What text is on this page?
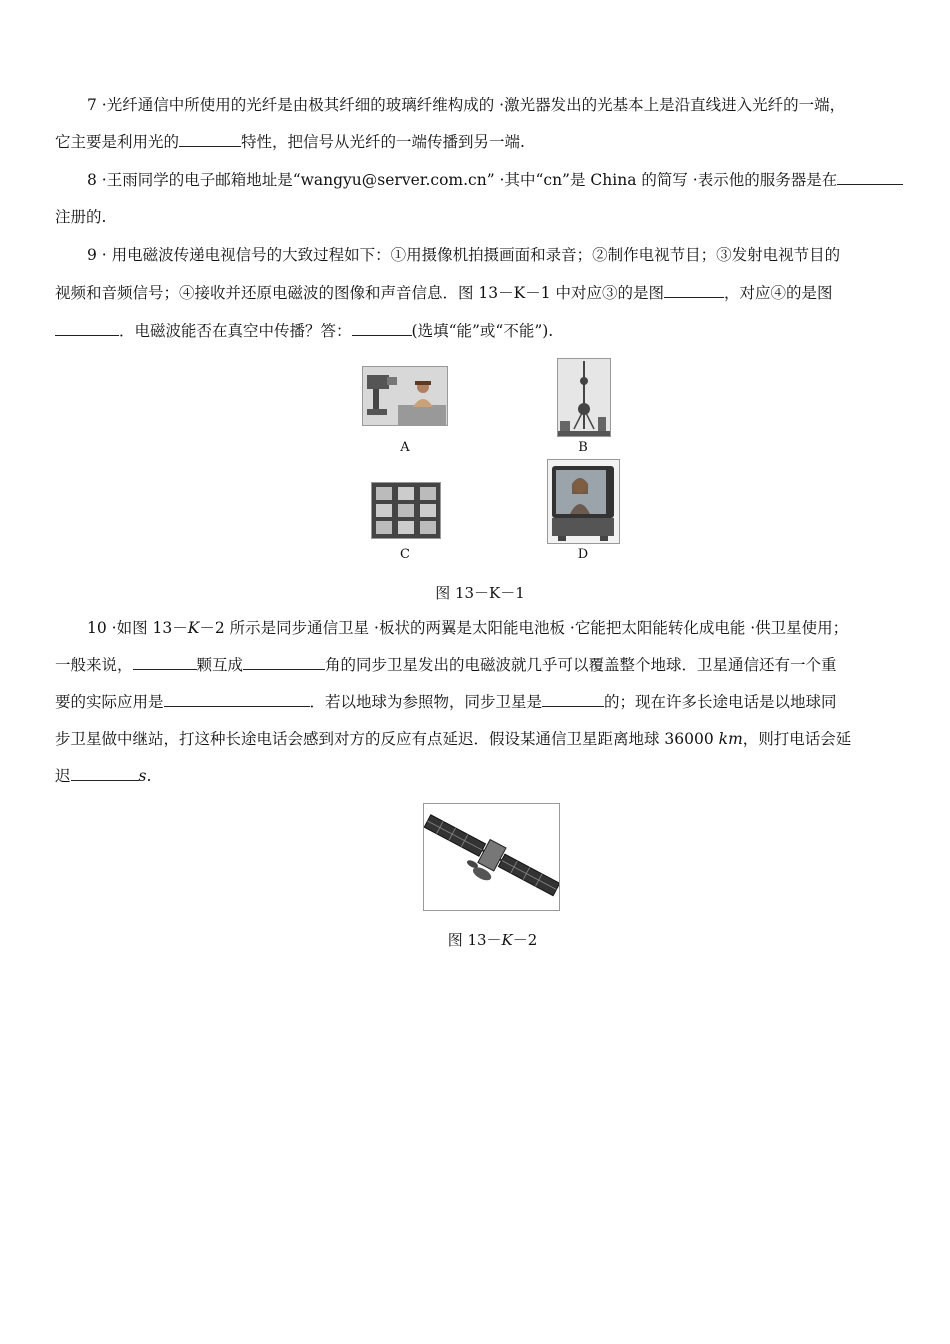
7 ·光纤通信中所使用的光纤是由极其纤细的玻璃纤维构成的 ·激光器发出的光基本上是沿直线进入光纤的一端，
它主要是利用光的	特性，把信号从光纤的一端传播到另一端.
8 ·王雨同学的电子邮箱地址是“wangyu@server.com.cn” ·其中“cn”是 China 的简写 ·表示他的服务器是在
注册的.
9 · 用电磁波传递电视信号的大致过程如下：①用摄像机拍摄画面和录音；②制作电视节目；③发射电视节目的
视频和音频信号；④接收并还原电磁波的图像和声音信息．图 13－K－1 中对应③的是图	，对应④的是图
．电磁波能否在真空中传播？答：	(选填“能”或“不能”).
A	B
C	D
图 13－K－1
10 ·如图 13－K－2 所示是同步通信卫星 ·板状的两翼是太阳能电池板 ·它能把太阳能转化成电能 ·供卫星使用；
一般来说，	颗互成	角的同步卫星发出的电磁波就几乎可以覆盖整个地球．卫星通信还有一个重
要的实际应用是	．若以地球为参照物，同步卫星是	的；现在许多长途电话是以地球同
步卫星做中继站，打这种长途电话会感到对方的反应有点延迟．假设某通信卫星距离地球 36000 km，则打电话会延
迟	s.
图 13－K－2
